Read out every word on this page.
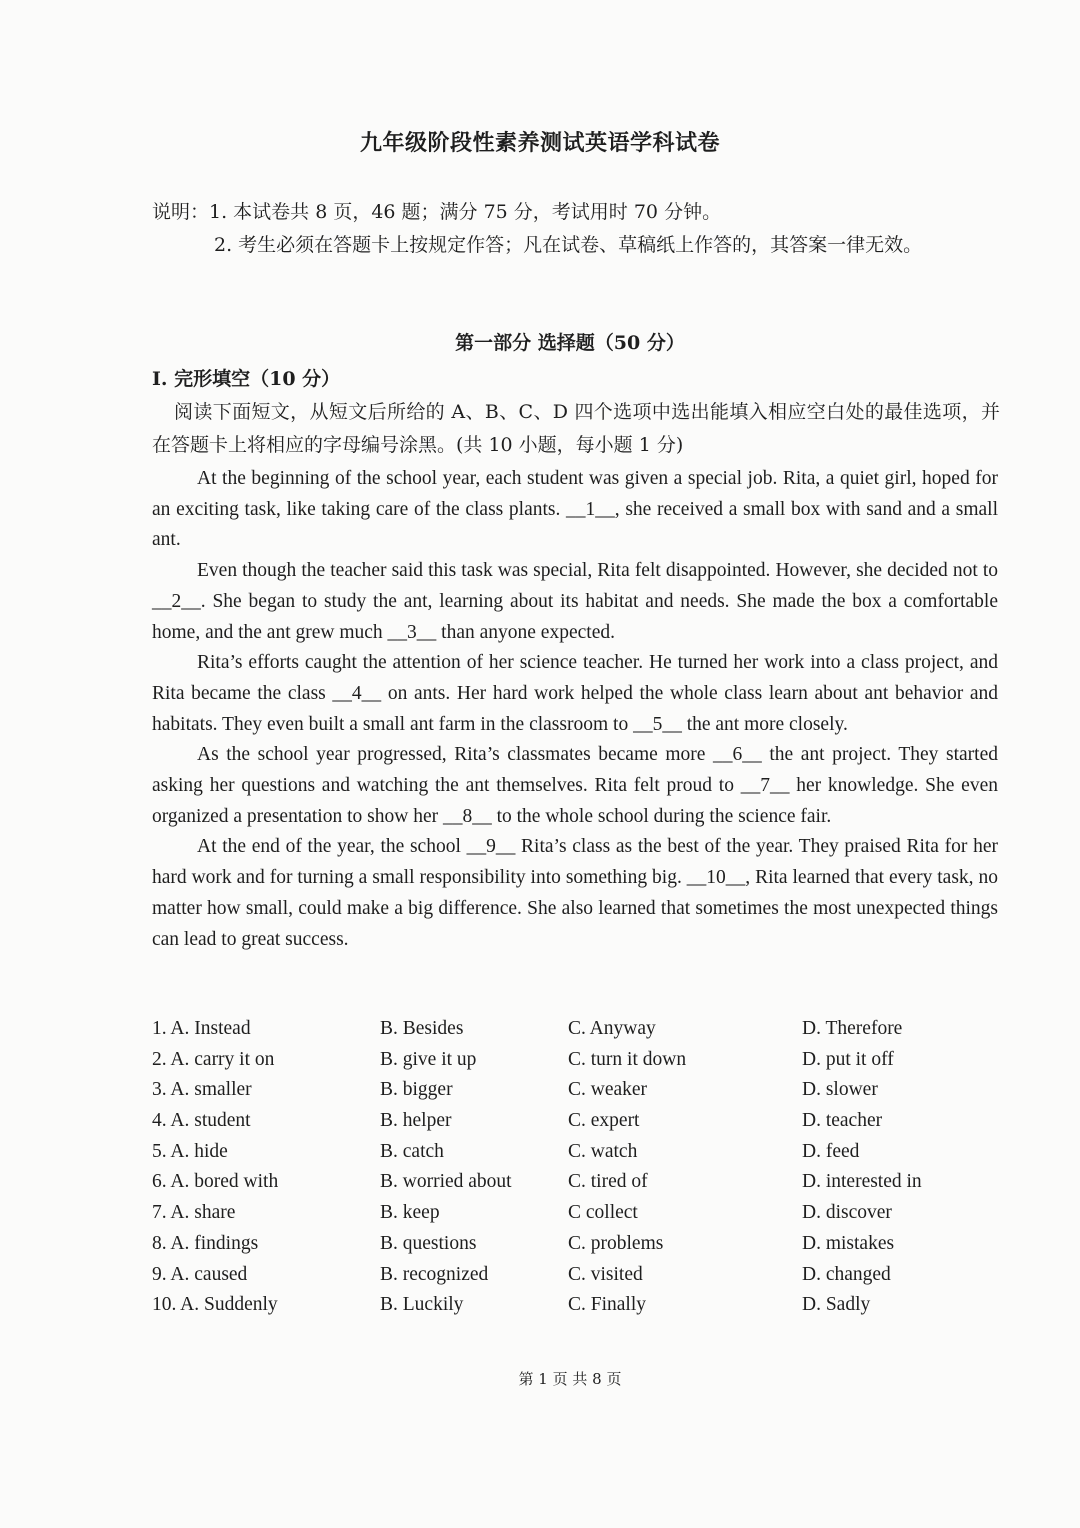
九年级阶段性素养测试英语学科试卷
说明：1. 本试卷共 8 页，46 题；满分 75 分，考试用时 70 分钟。
2. 考生必须在答题卡上按规定作答；凡在试卷、草稿纸上作答的，其答案一律无效。
第一部分 选择题（50 分）
I. 完形填空（10 分）
阅读下面短文，从短文后所给的 A、B、C、D 四个选项中选出能填入相应空白处的最佳选项，并在答题卡上将相应的字母编号涂黑。(共 10 小题，每小题 1 分)

At the beginning of the school year, each student was given a special job. Rita, a quiet girl, hoped for an exciting task, like taking care of the class plants. __1__, she received a small box with sand and a small ant.

Even though the teacher said this task was special, Rita felt disappointed. However, she decided not to __2__. She began to study the ant, learning about its habitat and needs. She made the box a comfortable home, and the ant grew much __3__ than anyone expected.

Rita’s efforts caught the attention of her science teacher. He turned her work into a class project, and Rita became the class __4__ on ants. Her hard work helped the whole class learn about ant behavior and habitats. They even built a small ant farm in the classroom to __5__ the ant more closely.

As the school year progressed, Rita’s classmates became more __6__ the ant project. They started asking her questions and watching the ant themselves. Rita felt proud to __7__ her knowledge. She even organized a presentation to show her __8__ to the whole school during the science fair.

At the end of the year, the school __9__ Rita’s class as the best of the year. They praised Rita for her hard work and for turning a small responsibility into something big. __10__, Rita learned that every task, no matter how small, could make a big difference. She also learned that sometimes the most unexpected things can lead to great success.

1. A. Instead	B. Besides	C. Anyway	D. Therefore
2. A. carry it on	B. give it up	C. turn it down	D. put it off
3. A. smaller	B. bigger	C. weaker	D. slower
4. A. student	B. helper	C. expert	D. teacher
5. A. hide	B. catch	C. watch	D. feed
6. A. bored with	B. worried about	C. tired of	D. interested in
7. A. share	B. keep	C collect	D. discover
8. A. findings	B. questions	C. problems	D. mistakes
9. A. caused	B. recognized	C. visited	D. changed
10. A. Suddenly	B. Luckily	C. Finally	D. Sadly
第 1 页 共 8 页
